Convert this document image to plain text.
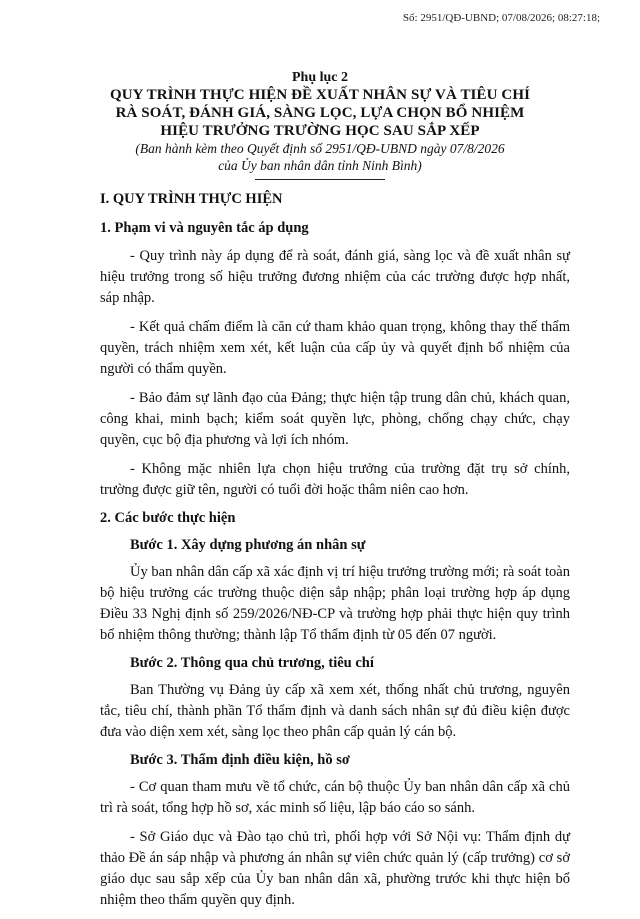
Số: 2951/QĐ-UBND; 07/08/2026; 08:27:18;
Phụ lục 2
QUY TRÌNH THỰC HIỆN ĐỀ XUẤT NHÂN SỰ VÀ TIÊU CHÍ
RÀ SOÁT, ĐÁNH GIÁ, SÀNG LỌC, LỰA CHỌN BỔ NHIỆM
HIỆU TRƯỞNG TRƯỜNG HỌC SAU SẮP XẾP
(Ban hành kèm theo Quyết định số 2951/QĐ-UBND ngày 07/8/2026
của Ủy ban nhân dân tỉnh Ninh Bình)
I. QUY TRÌNH THỰC HIỆN
1. Phạm vi và nguyên tắc áp dụng

- Quy trình này áp dụng để rà soát, đánh giá, sàng lọc và đề xuất nhân sự hiệu trưởng trong số hiệu trưởng đương nhiệm của các trường được hợp nhất, sáp nhập.

- Kết quả chấm điểm là căn cứ tham khảo quan trọng, không thay thế thẩm quyền, trách nhiệm xem xét, kết luận của cấp ủy và quyết định bổ nhiệm của người có thẩm quyền.

- Bảo đảm sự lãnh đạo của Đảng; thực hiện tập trung dân chủ, khách quan, công khai, minh bạch; kiểm soát quyền lực, phòng, chống chạy chức, chạy quyền, cục bộ địa phương và lợi ích nhóm.

- Không mặc nhiên lựa chọn hiệu trưởng của trường đặt trụ sở chính, trường được giữ tên, người có tuổi đời hoặc thâm niên cao hơn.

2. Các bước thực hiện
Bước 1. Xây dựng phương án nhân sự

Ủy ban nhân dân cấp xã xác định vị trí hiệu trưởng trường mới; rà soát toàn bộ hiệu trưởng các trường thuộc diện sắp nhập; phân loại trường hợp áp dụng Điều 33 Nghị định số 259/2026/NĐ-CP và trường hợp phải thực hiện quy trình bổ nhiệm thông thường; thành lập Tổ thẩm định từ 05 đến 07 người.

Bước 2. Thông qua chủ trương, tiêu chí

Ban Thường vụ Đảng ủy cấp xã xem xét, thống nhất chủ trương, nguyên tắc, tiêu chí, thành phần Tổ thẩm định và danh sách nhân sự đủ điều kiện được đưa vào diện xem xét, sàng lọc theo phân cấp quản lý cán bộ.

Bước 3. Thẩm định điều kiện, hồ sơ

- Cơ quan tham mưu về tổ chức, cán bộ thuộc Ủy ban nhân dân cấp xã chủ trì rà soát, tổng hợp hồ sơ, xác minh số liệu, lập báo cáo so sánh.

- Sở Giáo dục và Đào tạo chủ trì, phối hợp với Sở Nội vụ: Thẩm định dự thảo Đề án sáp nhập và phương án nhân sự viên chức quản lý (cấp trưởng) cơ sở giáo dục sau sắp xếp của Ủy ban nhân dân xã, phường trước khi thực hiện bổ nhiệm theo thẩm quyền quy định.
